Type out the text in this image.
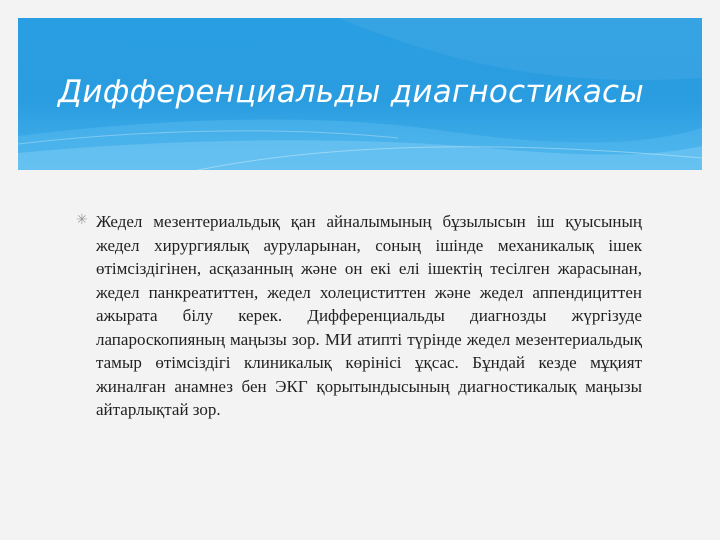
Дифференциальды диагностикасы
✳ Жедел мезентериальдық қан айналымының бұзылысын іш қуысының жедел хирургиялық ауруларынан, соның ішінде механикалық ішек өтімсіздігінен, асқазанның және он екі елі ішектің тесілген жарасынан, жедел панкреатиттен, жедел холециститтен және жедел аппендициттен ажырата білу керек. Дифференциальды диагнозды жүргізуде лапароскопияның маңызы зор. МИ атипті түрінде жедел мезентериальдық тамыр өтімсіздігі клиникалық көрінісі ұқсас. Бұндай кезде мұқият жиналған анамнез бен ЭКГ қорытындысының диагностикалық маңызы айтарлықтай зор.
